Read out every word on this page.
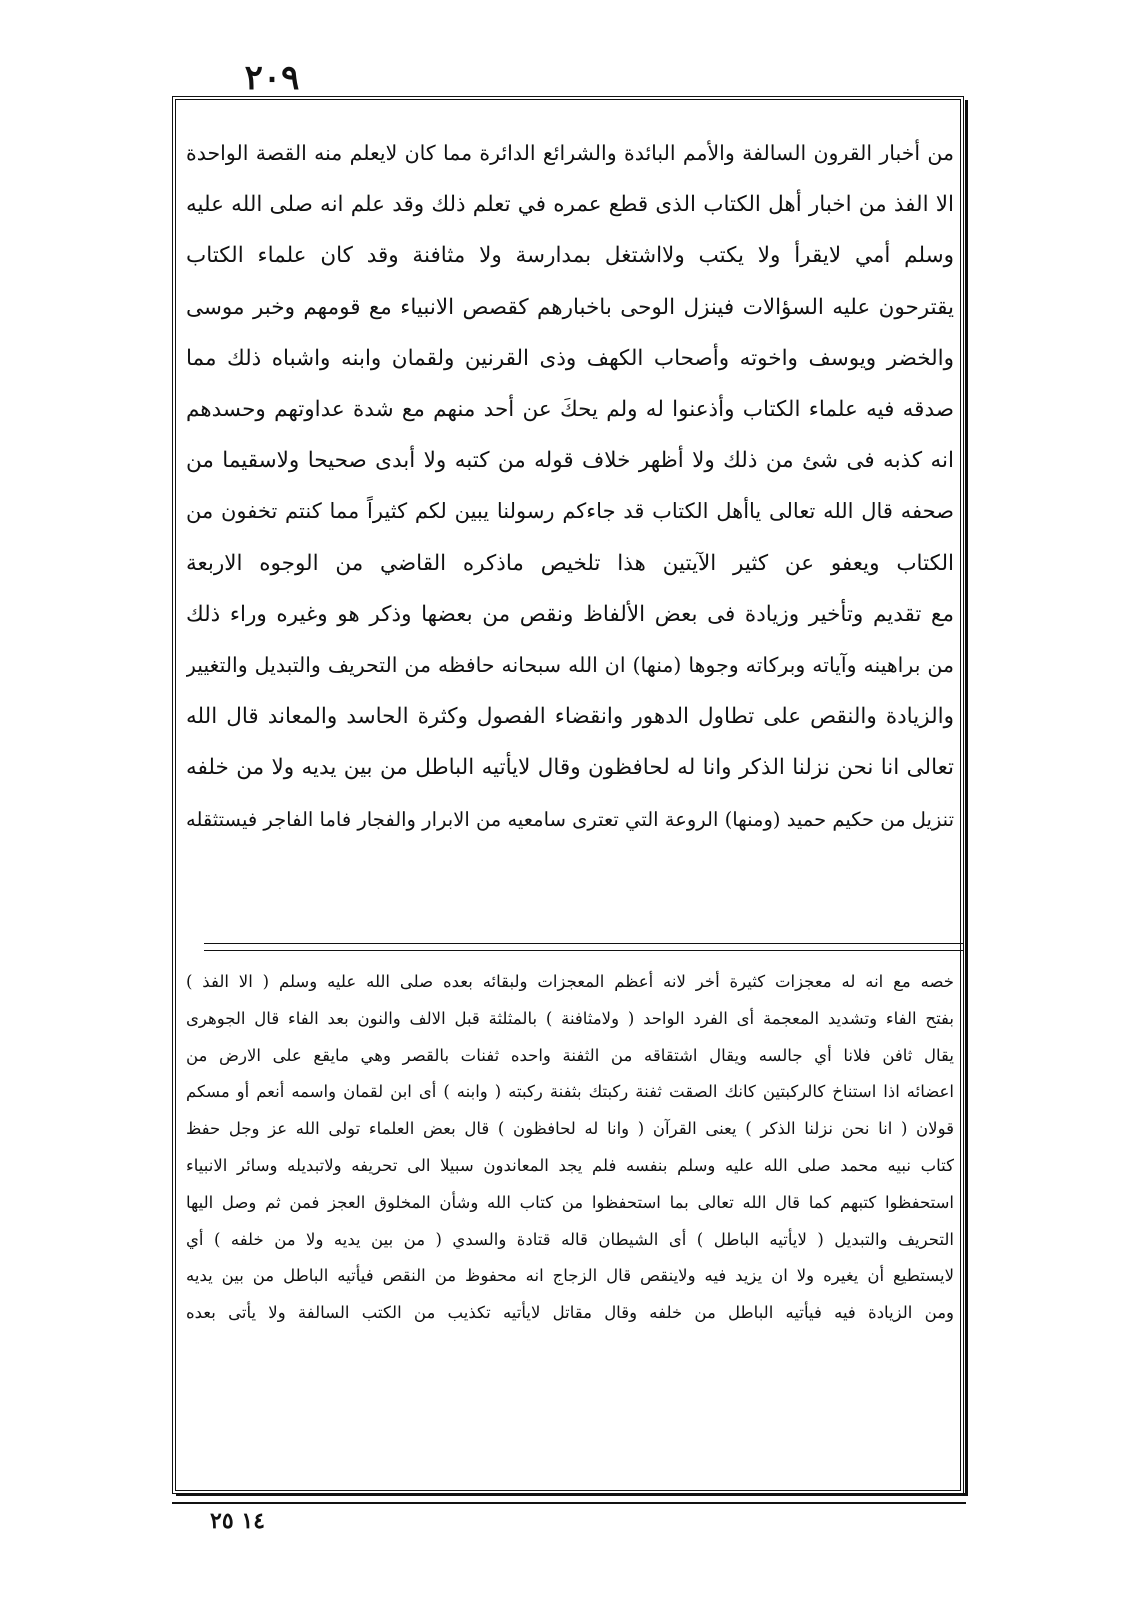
٢٠٩
من أخبار القرون السالفة والأمم البائدة والشرائع الدائرة مما كان لايعلم منه القصة الواحدة
الا الفذ من اخبار أهل الكتاب الذى قطع عمره في تعلم ذلك وقد علم انه صلى الله عليه
وسلم أمي لايقرأ ولا يكتب ولااشتغل بمدارسة ولا مثافنة وقد كان علماء الكتاب
يقترحون عليه السؤالات فينزل الوحى باخبارهم كقصص الانبياء مع قومهم وخبر موسى
والخضر ويوسف واخوته وأصحاب الكهف وذى القرنين ولقمان وابنه واشباه ذلك مما
صدقه فيه علماء الكتاب وأذعنوا له ولم يحكَ عن أحد منهم مع شدة عداوتهم وحسدهم
انه كذبه فى شئ من ذلك ولا أظهر خلاف قوله من كتبه ولا أبدى صحيحا ولاسقيما من
صحفه قال الله تعالى ياأهل الكتاب قد جاءكم رسولنا يبين لكم كثيراً مما كنتم تخفون من
الكتاب ويعفو عن كثير الآيتين هذا تلخيص ماذكره القاضي من الوجوه الاربعة
مع تقديم وتأخير وزيادة فى بعض الألفاظ ونقص من بعضها وذكر هو وغيره وراء ذلك
من براهينه وآياته وبركاته وجوها (منها) ان الله سبحانه حافظه من التحريف والتبديل والتغيير
والزيادة والنقص على تطاول الدهور وانقضاء الفصول وكثرة الحاسد والمعاند قال الله
تعالى انا نحن نزلنا الذكر وانا له لحافظون وقال لايأتيه الباطل من بين يديه ولا من خلفه
تنزيل من حكيم حميد (ومنها) الروعة التي تعترى سامعيه من الابرار والفجار فاما الفاجر فيستثقله
خصه مع انه له معجزات كثيرة أخر لانه أعظم المعجزات ولبقائه بعده صلى الله عليه وسلم ( الا الفذ )
بفتح الفاء وتشديد المعجمة أى الفرد الواحد ( ولامثافنة ) بالمثلثة قبل الالف والنون بعد الفاء قال الجوهرى
يقال ثافن فلانا أي جالسه ويقال اشتقاقه من الثفنة واحده ثفنات بالقصر وهي مايقع على الارض من
اعضائه اذا استناخ كالركبتين كانك الصقت ثفنة ركبتك بثفنة ركبته ( وابنه ) أى ابن لقمان واسمه أنعم أو مسكم
قولان ( انا نحن نزلنا الذكر ) يعنى القرآن ( وانا له لحافظون ) قال بعض العلماء تولى الله عز وجل حفظ
كتاب نبيه محمد صلى الله عليه وسلم بنفسه فلم يجد المعاندون سبيلا الى تحريفه ولاتبديله وسائر الانبياء
استحفظوا كتبهم كما قال الله تعالى بما استحفظوا من كتاب الله وشأن المخلوق العجز فمن ثم وصل اليها
التحريف والتبديل ( لايأتيه الباطل ) أى الشيطان قاله قتادة والسدي ( من بين يديه ولا من خلفه ) أي
لايستطيع أن يغيره ولا ان يزيد فيه ولاينقص قال الزجاج انه محفوظ من النقص فيأتيه الباطل من بين يديه
ومن الزيادة فيه فيأتيه الباطل من خلفه وقال مقاتل لايأتيه تكذيب من الكتب السالفة ولا يأتى بعده
١٤ ٢٥
